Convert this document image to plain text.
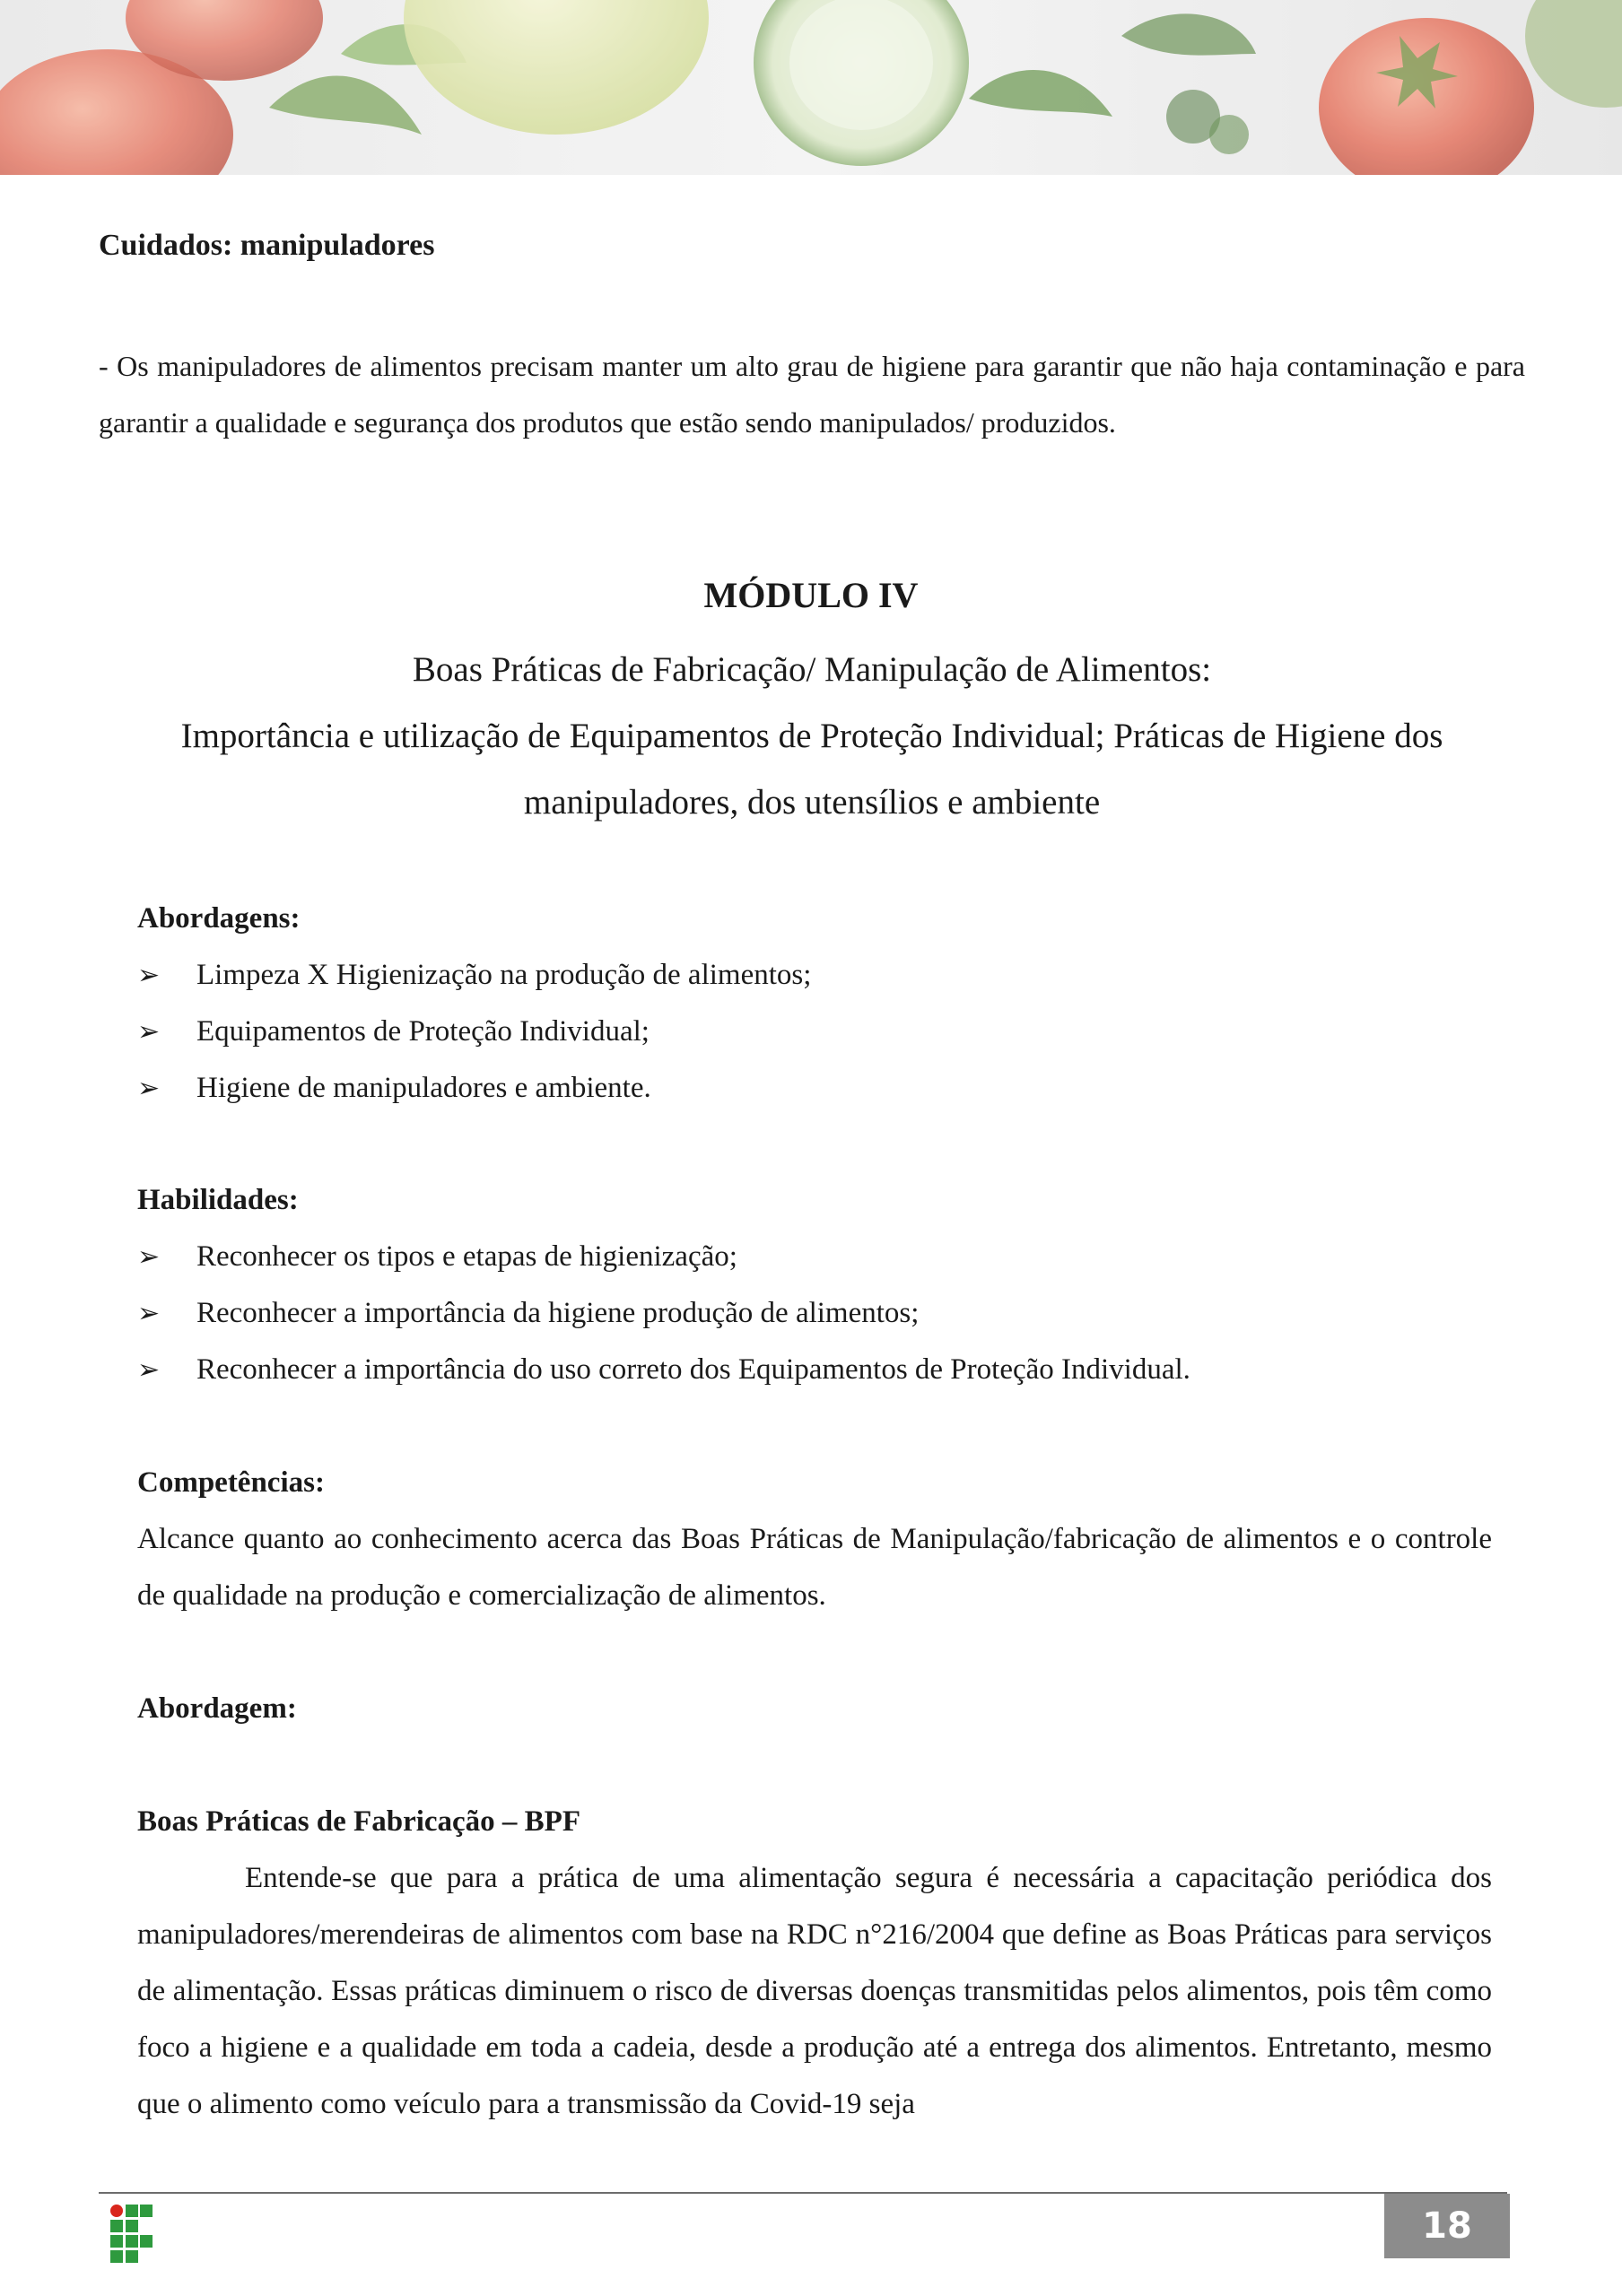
Cuidados: manipuladores
- Os manipuladores de alimentos precisam manter um alto grau de higiene para garantir que não haja contaminação e para garantir a qualidade e segurança dos produtos que estão sendo manipulados/ produzidos.
MÓDULO IV
Boas Práticas de Fabricação/ Manipulação de Alimentos:
Importância e utilização de Equipamentos de Proteção Individual; Práticas de Higiene dos manipuladores, dos utensílios e ambiente
Abordagens:
➢ Limpeza X Higienização na produção de alimentos;
➢ Equipamentos de Proteção Individual;
➢ Higiene de manipuladores e ambiente.
Habilidades:
➢ Reconhecer os tipos e etapas de higienização;
➢ Reconhecer a importância da higiene produção de alimentos;
➢ Reconhecer a importância do uso correto dos Equipamentos de Proteção Individual.
Competências:
Alcance quanto ao conhecimento acerca das Boas Práticas de Manipulação/fabricação de alimentos e o controle de qualidade na produção e comercialização de alimentos.
Abordagem:
Boas Práticas de Fabricação – BPF
Entende-se que para a prática de uma alimentação segura é necessária a capacitação periódica dos manipuladores/merendeiras de alimentos com base na RDC n°216/2004 que define as Boas Práticas para serviços de alimentação. Essas práticas diminuem o risco de diversas doenças transmitidas pelos alimentos, pois têm como foco a higiene e a qualidade em toda a cadeia, desde a produção até a entrega dos alimentos. Entretanto, mesmo que o alimento como veículo para a transmissão da Covid-19 seja
18
